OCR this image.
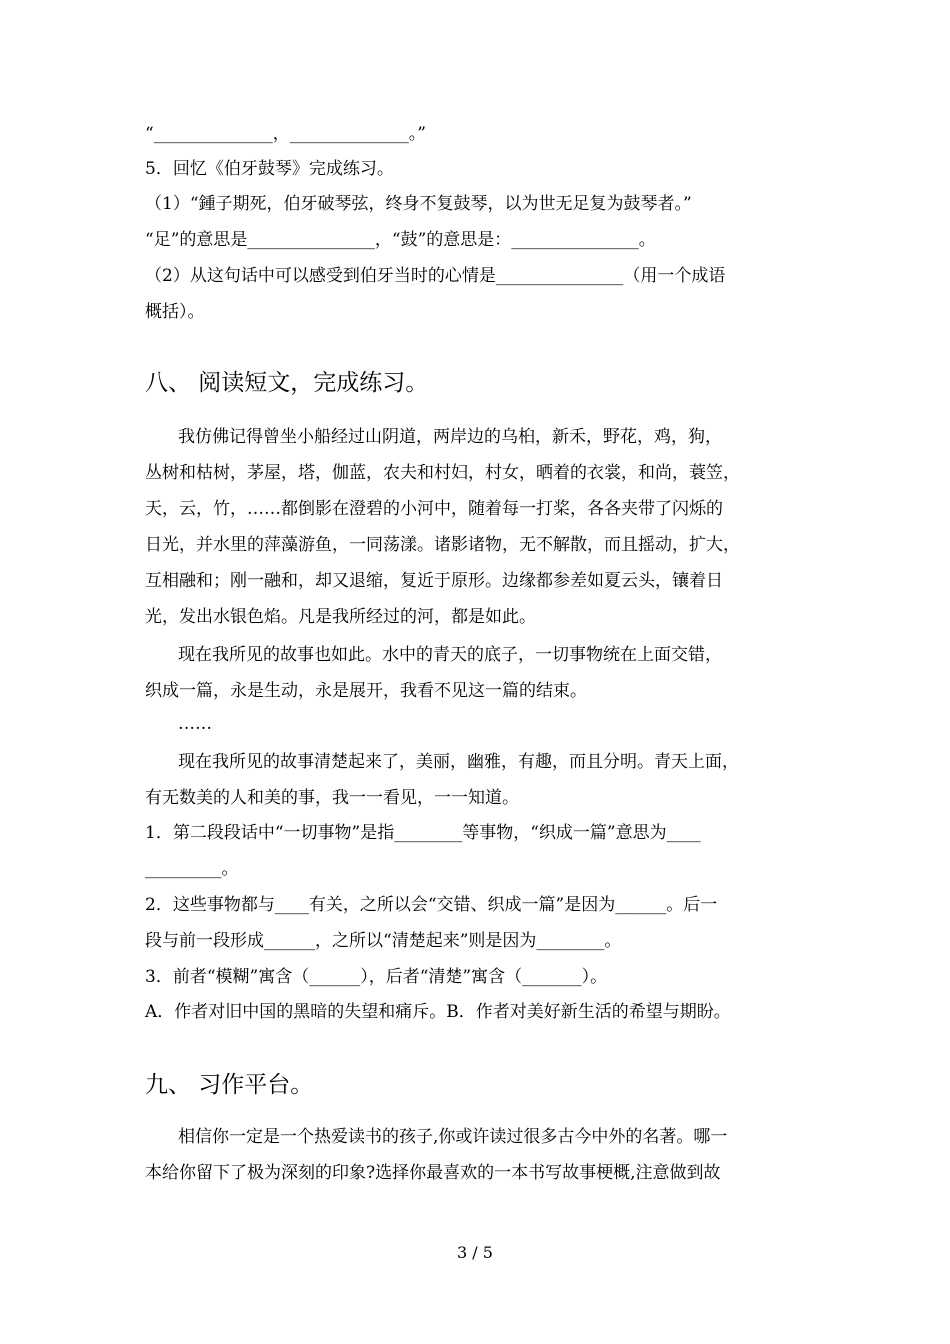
“______________，______________。”
5．回忆《伯牙鼓琴》完成练习。
（1）“鍾子期死，伯牙破琴弦，终身不复鼓琴，以为世无足复为鼓琴者。”
“足”的意思是_______________，“鼓”的意思是：_______________。
（2）从这句话中可以感受到伯牙当时的心情是_______________（用一个成语
概括）。
八、 阅读短文，完成练习。
我仿佛记得曾坐小船经过山阴道，两岸边的乌桕，新禾，野花，鸡，狗，
丛树和枯树，茅屋，塔，伽蓝，农夫和村妇，村女，晒着的衣裳，和尚，蓑笠，
天，云，竹，……都倒影在澄碧的小河中，随着每一打桨，各各夹带了闪烁的
日光，并水里的萍藻游鱼，一同荡漾。诸影诸物，无不解散，而且摇动，扩大，
互相融和；刚一融和，却又退缩，复近于原形。边缘都参差如夏云头，镶着日
光，发出水银色焰。凡是我所经过的河，都是如此。
现在我所见的故事也如此。水中的青天的底子，一切事物统在上面交错，
织成一篇，永是生动，永是展开，我看不见这一篇的结束。
……
现在我所见的故事清楚起来了，美丽，幽雅，有趣，而且分明。青天上面，
有无数美的人和美的事，我一一看见，一一知道。
1．第二段段话中“一切事物”是指________等事物，“织成一篇”意思为____
_________。
2．这些事物都与____有关，之所以会“交错、织成一篇”是因为______。后一
段与前一段形成______，之所以“清楚起来”则是因为________。
3．前者“模糊”寓含（______），后者“清楚”寓含（_______）。
A．作者对旧中国的黑暗的失望和痛斥。B．作者对美好新生活的希望与期盼。
九、 习作平台。
相信你一定是一个热爱读书的孩子,你或许读过很多古今中外的名著。哪一
本给你留下了极为深刻的印象?选择你最喜欢的一本书写故事梗概,注意做到故
3 / 5
